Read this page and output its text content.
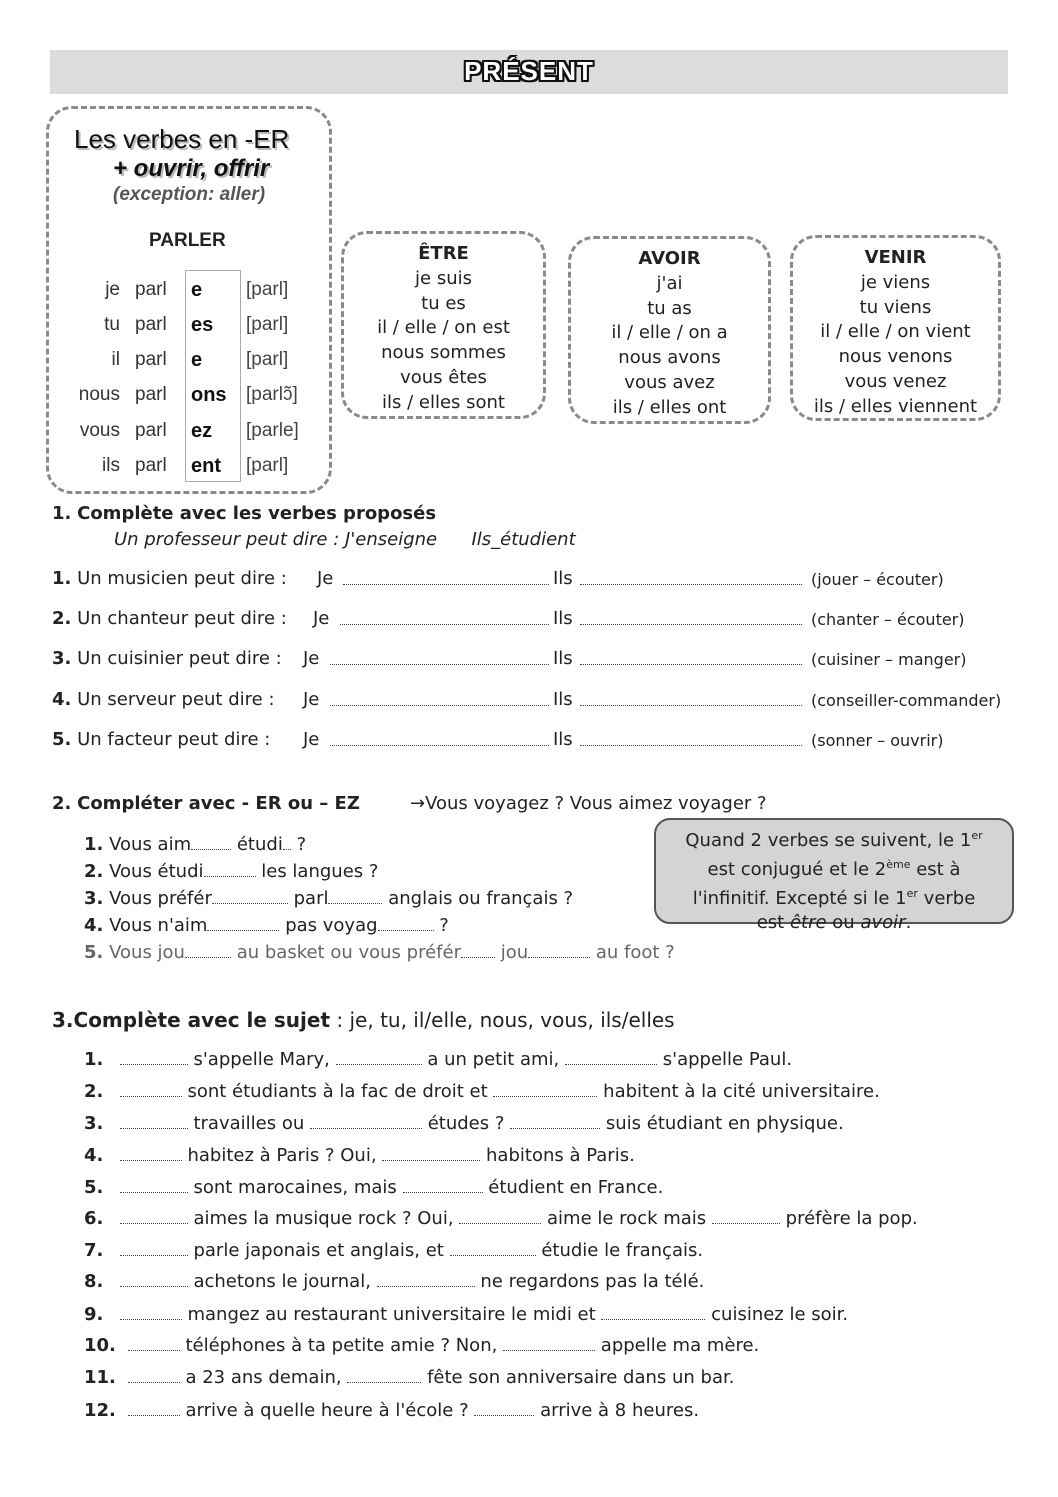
PRÉSENT
Les verbes en -ER
+ ouvrir, offrir
(exception: aller)
PARLER
je parl e [parl]
tu parl es [parl]
il parl e [parl]
nous parl ons [parlɔ̃]
vous parl ez [parle]
ils parl ent [parl]
ÊTRE
je suis
tu es
il / elle / on est
nous sommes
vous êtes
ils / elles sont
AVOIR
j'ai
tu as
il / elle / on a
nous avons
vous avez
ils / elles ont
VENIR
je viens
tu viens
il / elle / on vient
nous venons
vous venez
ils / elles viennent
1. Complète avec les verbes proposés
Un professeur peut dire : J'enseigne      Ils_étudient
1. Un musicien peut dire : Je	Ils	(jouer – écouter)
2. Un chanteur peut dire : Je	Ils	(chanter – écouter)
3. Un cuisinier peut dire : Je	Ils	(cuisiner – manger)
4. Un serveur peut dire : Je	Ils	(conseiller-commander)
5. Un facteur peut dire : Je	Ils	(sonner – ouvrir)
2. Compléter avec - ER ou – EZ	→Vous voyagez ? Vous aimez voyager ?
1. Vous aim	étudi ?
2. Vous étudi	les langues ?
3. Vous préfér	parl	anglais ou français ?
4. Vous n'aim	pas voyag	?
5. Vous jou	au basket ou vous préfér jou	au foot ?
Quand 2 verbes se suivent, le 1er
est conjugué et le 2ème est à
l'infinitif. Excepté si le 1er verbe
est être ou avoir.
3.Complète avec le sujet : je, tu, il/elle, nous, vous, ils/elles
1.	s'appelle Mary,	a un petit ami,	s'appelle Paul.
2.	sont étudiants à la fac de droit et	habitent à la cité universitaire.
3.	travailles ou	études ?	suis étudiant en physique.
4.	habitez à Paris ? Oui,	habitons à Paris.
5.	sont marocaines, mais	étudient en France.
6.	aimes la musique rock ? Oui,	aime le rock mais	préfère la pop.
7.	parle japonais et anglais, et	étudie le français.
8.	achetons le journal,	ne regardons pas la télé.
9.	mangez au restaurant universitaire le midi et	cuisinez le soir.
10.	téléphones à ta petite amie ? Non,	appelle ma mère.
11.	a 23 ans demain,	fête son anniversaire dans un bar.
12.	arrive à quelle heure à l'école ?	arrive à 8 heures.
